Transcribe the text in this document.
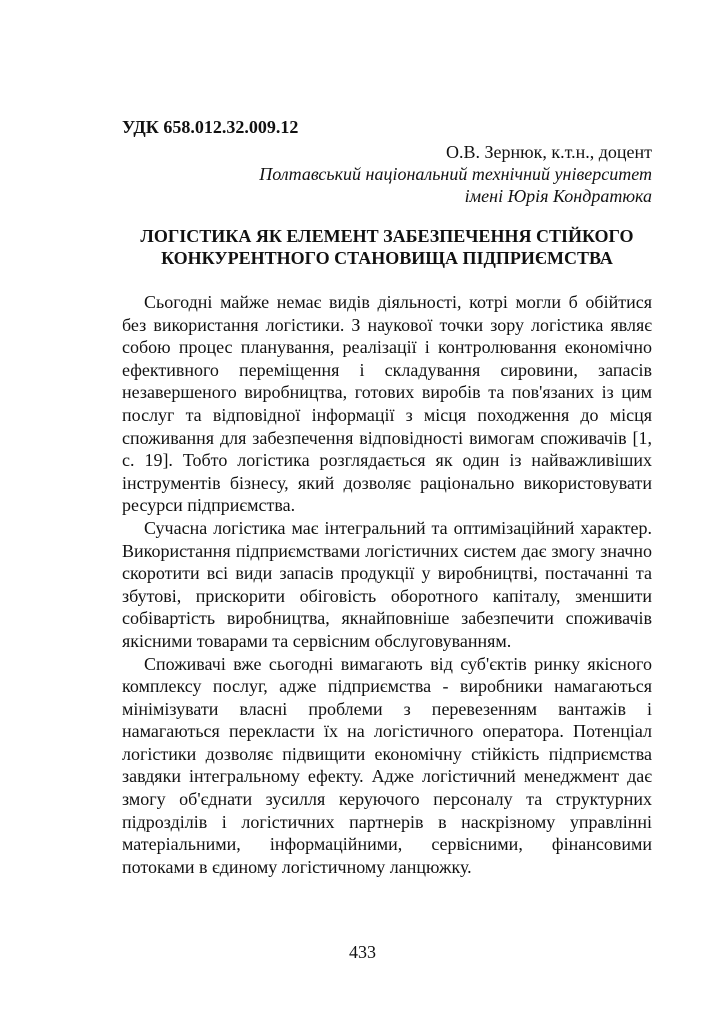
УДК 658.012.32.009.12

О.В. Зернюк, к.т.н., доцент
Полтавський національний технічний університет
імені Юрія Кондратюка
ЛОГІСТИКА ЯК ЕЛЕМЕНТ ЗАБЕЗПЕЧЕННЯ СТІЙКОГО
КОНКУРЕНТНОГО СТАНОВИЩА ПІДПРИЄМСТВА

Сьогодні майже немає видів діяльності, котрі могли б обійтися без використання логістики. З наукової точки зору логістика являє собою процес планування, реалізації і контролювання економічно ефективного переміщення і складування сировини, запасів незавершеного виробництва, готових виробів та пов'язаних із цим послуг та відповідної інформації з місця походження до місця споживання для забезпечення відповідності вимогам споживачів [1, с. 19]. Тобто логістика розглядається як один із найважливіших інструментів бізнесу, який дозволяє раціонально використовувати ресурси підприємства.

Сучасна логістика має інтегральний та оптимізаційний характер. Використання підприємствами логістичних систем дає змогу значно скоротити всі види запасів продукції у виробництві, постачанні та збутові, прискорити обіговість оборотного капіталу, зменшити собівартість виробництва, якнайповніше забезпечити споживачів якісними товарами та сервісним обслуговуванням.

Споживачі вже сьогодні вимагають від суб'єктів ринку якісного комплексу послуг, адже підприємства - виробники намагаються мінімізувати власні проблеми з перевезенням вантажів і намагаються перекласти їх на логістичного оператора. Потенціал логістики дозволяє підвищити економічну стійкість підприємства завдяки інтегральному ефекту. Адже логістичний менеджмент дає змогу об'єднати зусилля керуючого персоналу та структурних підрозділів і логістичних партнерів в наскрізному управлінні матеріальними, інформаційними, сервісними, фінансовими потоками в єдиному логістичному ланцюжку.

433
